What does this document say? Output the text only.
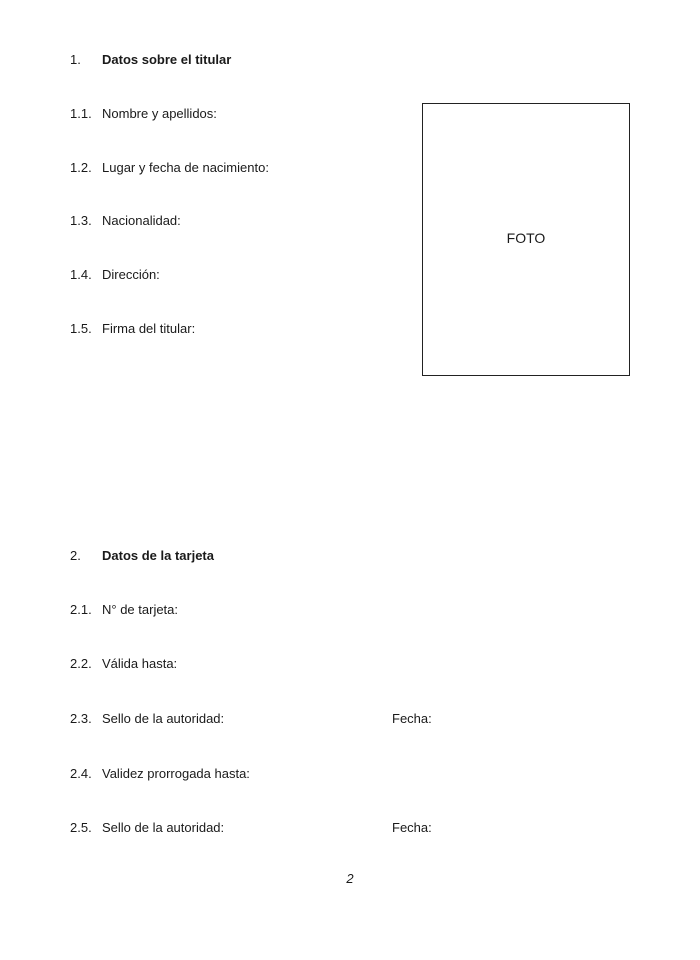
1.	Datos sobre el titular
1.1. Nombre y apellidos:
1.2. Lugar y fecha de nacimiento:
1.3. Nacionalidad:
1.4. Dirección:
1.5. Firma del titular:
FOTO
2.	Datos de la tarjeta
2.1. N° de tarjeta:
2.2. Válida hasta:
2.3. Sello de la autoridad:	Fecha:
2.4. Validez prorrogada hasta:
2.5. Sello de la autoridad:	Fecha:
2
